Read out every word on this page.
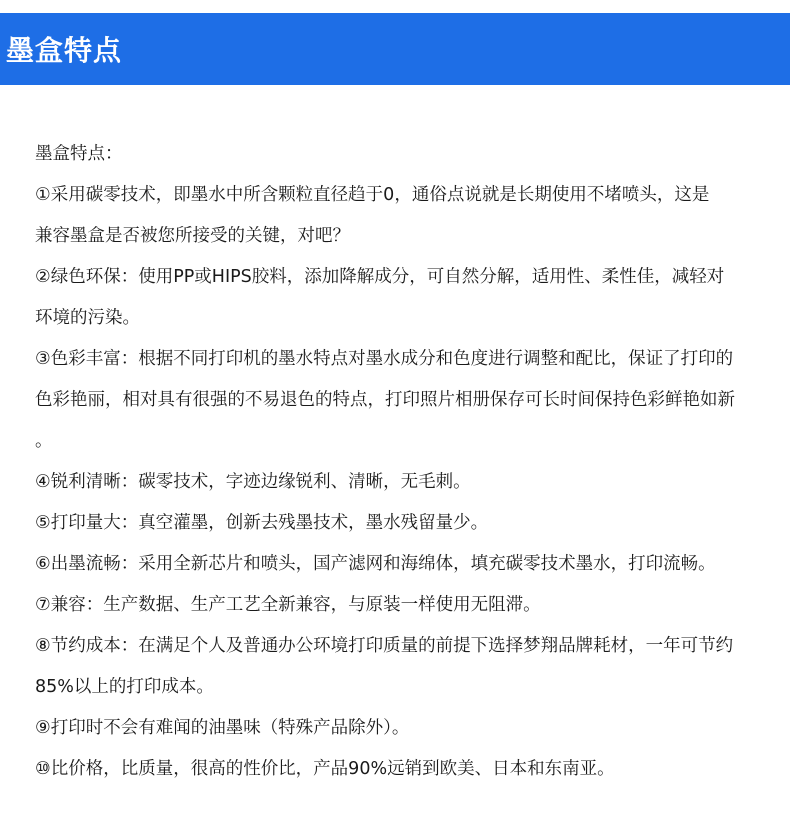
墨盒特点
墨盒特点：
①采用碳零技术，即墨水中所含颗粒直径趋于0，通俗点说就是长期使用不堵喷头，这是
兼容墨盒是否被您所接受的关键，对吧？
②绿色环保：使用PP或HIPS胶料，添加降解成分，可自然分解，适用性、柔性佳，减轻对
环境的污染。
③色彩丰富：根据不同打印机的墨水特点对墨水成分和色度进行调整和配比，保证了打印的
色彩艳丽，相对具有很强的不易退色的特点，打印照片相册保存可长时间保持色彩鲜艳如新
。
④锐利清晰：碳零技术，字迹边缘锐利、清晰，无毛刺。
⑤打印量大：真空灌墨，创新去残墨技术，墨水残留量少。
⑥出墨流畅：采用全新芯片和喷头，国产滤网和海绵体，填充碳零技术墨水，打印流畅。
⑦兼容：生产数据、生产工艺全新兼容，与原装一样使用无阻滞。
⑧节约成本：在满足个人及普通办公环境打印质量的前提下选择梦翔品牌耗材，一年可节约
85%以上的打印成本。
⑨打印时不会有难闻的油墨味（特殊产品除外）。
⑩比价格，比质量，很高的性价比，产品90%远销到欧美、日本和东南亚。
